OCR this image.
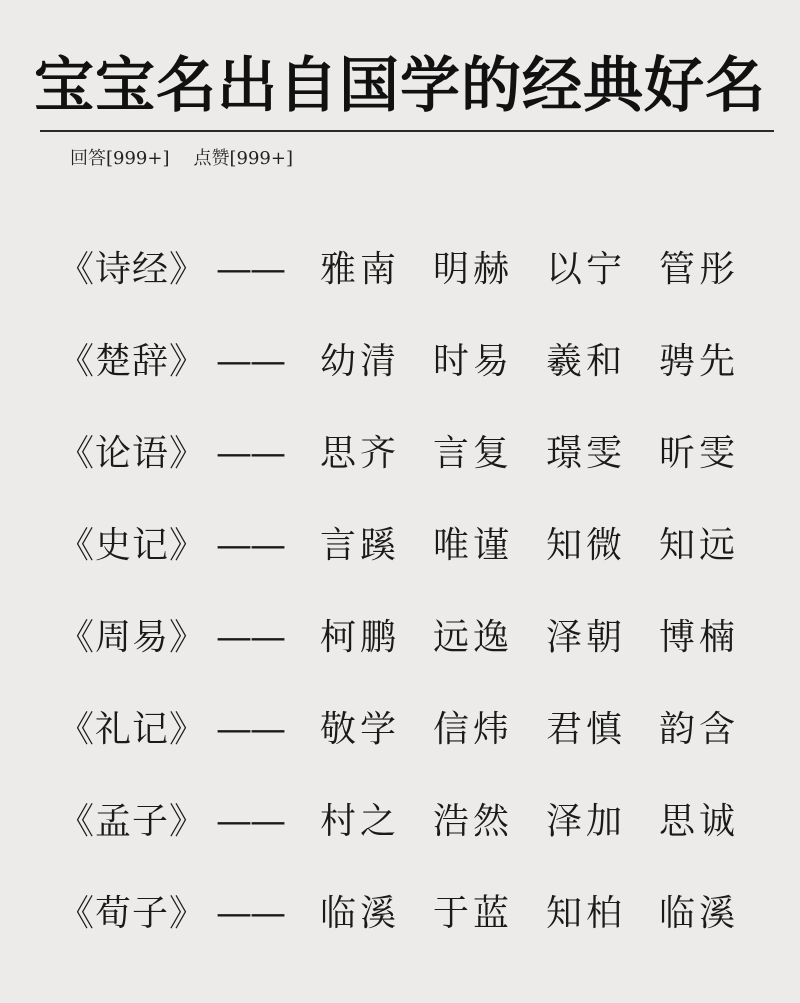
宝宝名出自国学的经典好名
回答[999+] 点赞[999+]
《诗经》 —— 雅南 明赫 以宁 管彤
《楚辞》 —— 幼清 时易 羲和 骋先
《论语》 —— 思齐 言复 璟雯 昕雯
《史记》 —— 言蹊 唯谨 知微 知远
《周易》 —— 柯鹏 远逸 泽朝 博楠
《礼记》 —— 敬学 信炜 君慎 韵含
《孟子》 —— 村之 浩然 泽加 思诚
《荀子》 —— 临溪 于蓝 知柏 临溪
